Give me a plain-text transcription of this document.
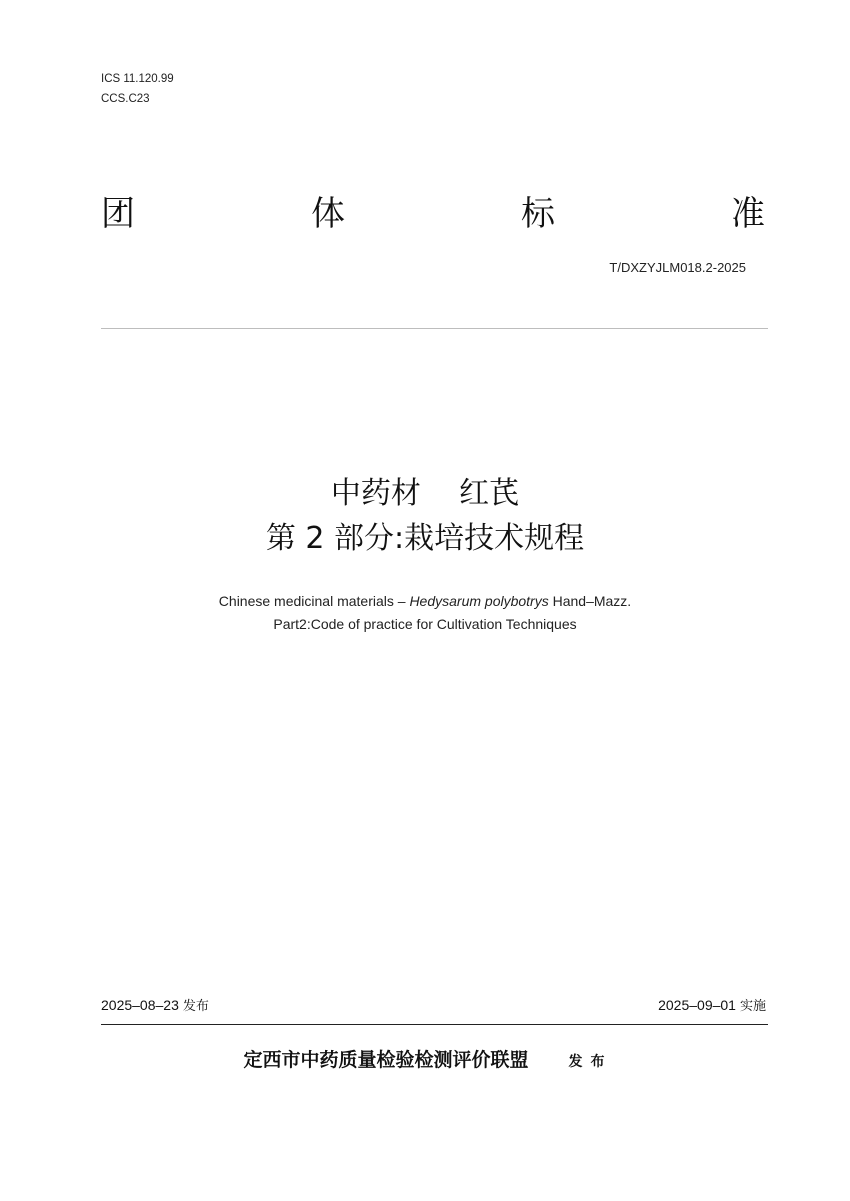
ICS 11.120.99
CCS.C23
团	体	标	准
T/DXZYJLM018.2-2025
中药材    红芪
第 2 部分:栽培技术规程
Chinese medicinal materials – Hedysarum polybotrys Hand–Mazz.
Part2:Code of practice for Cultivation Techniques
2025–08–23 发布	2025–09–01 实施
定西市中药质量检验检测评价联盟	发布
